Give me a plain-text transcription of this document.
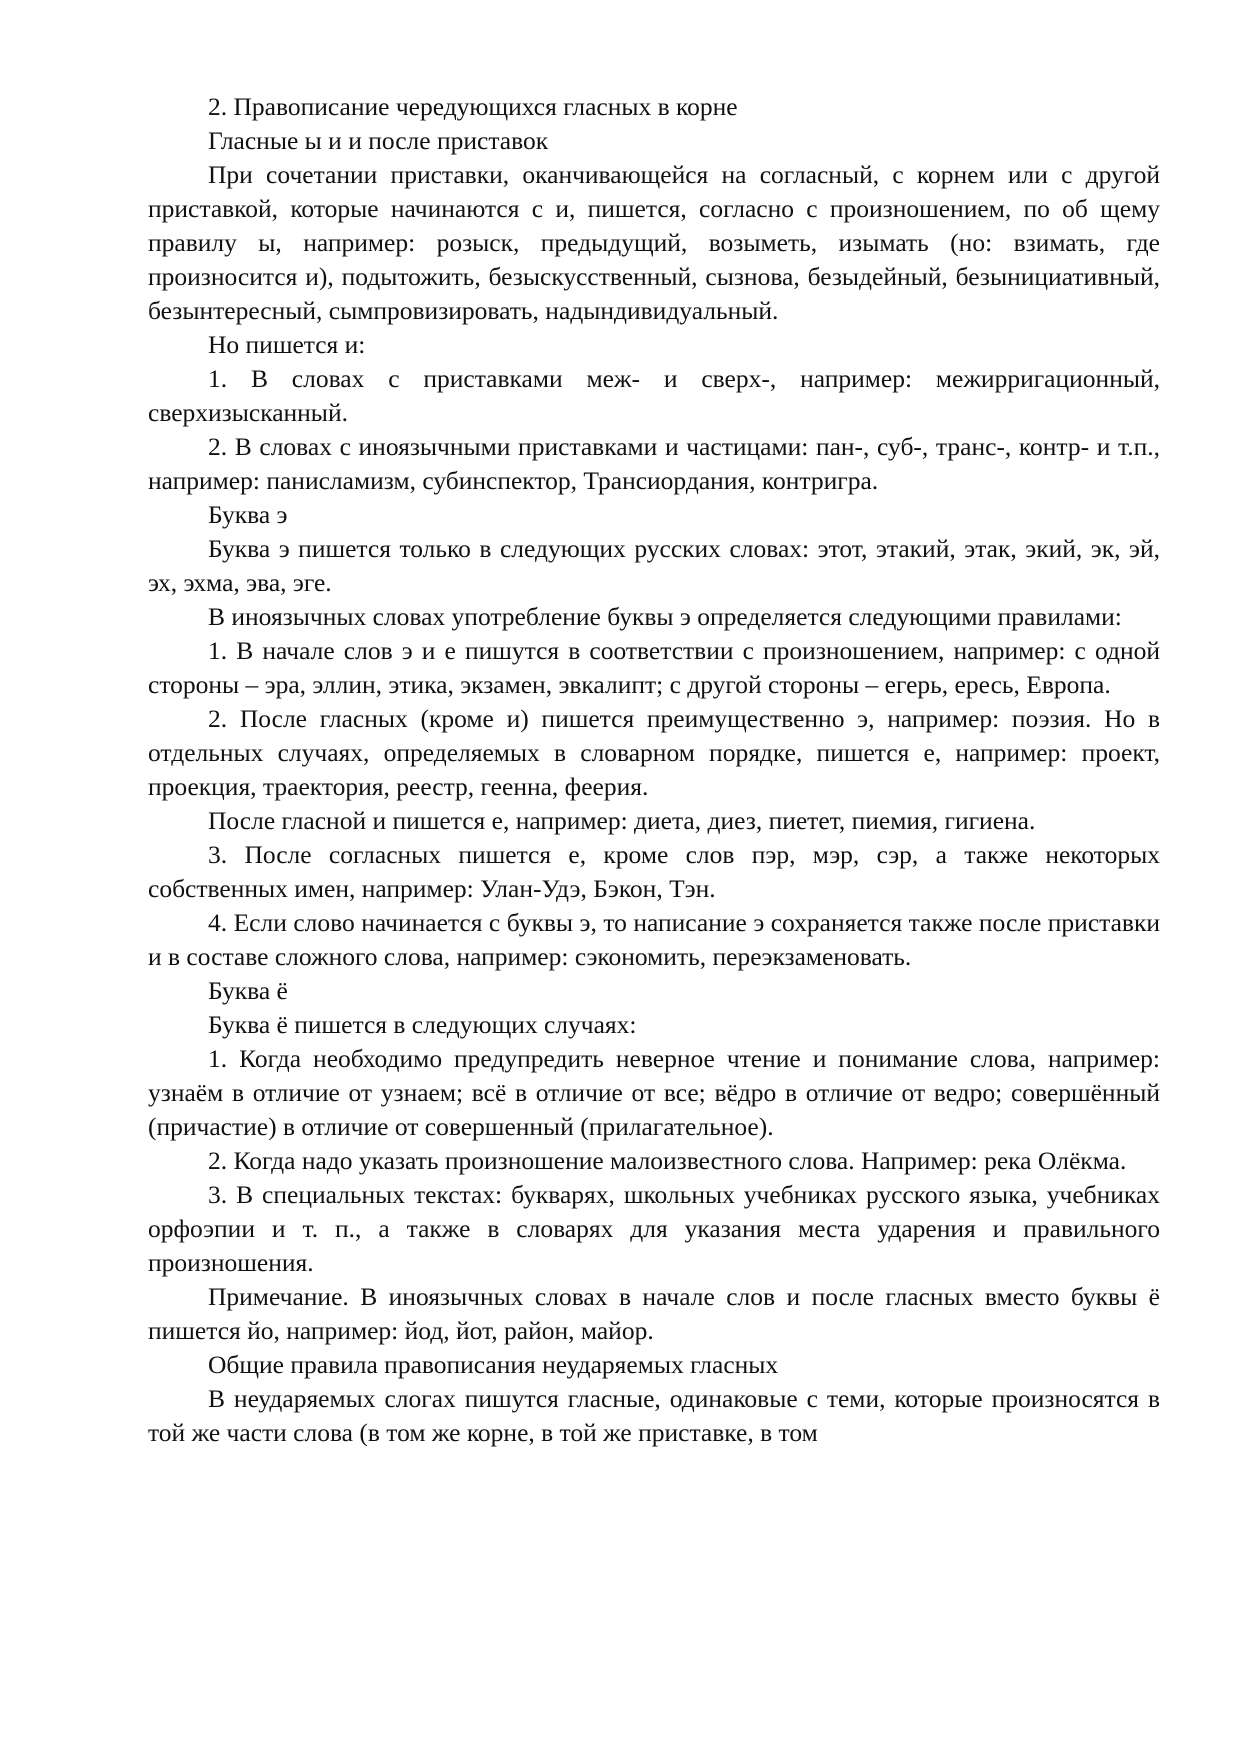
2. Правописание чередующихся гласных в корне

Гласные ы и и после приставок

При сочетании приставки, оканчивающейся на согласный, с корнем или с другой приставкой, которые начинаются с и, пишется, согласно с произношением, по об щему правилу ы, например: розыск, предыдущий, возыметь, изымать (но: взимать, где произносится и), подытожить, безыскусственный, сызнова, безыдейный, безынициативный, безынтересный, сымпровизировать, надындивидуальный.

Но пишется и:

1. В словах с приставками меж- и сверх-, например: межирригационный, сверхизысканный.

2. В словах с иноязычными приставками и частицами: пан-, суб-, транс-, контр- и т.п., например: панисламизм, субинспектор, Трансиордания, контригра.

Буква э

Буква э пишется только в следующих русских словах: этот, этакий, этак, экий, эк, эй, эх, эхма, эва, эге.

В иноязычных словах употребление буквы э определяется следующими правилами:

1. В начале слов э и е пишутся в соответствии с произношением, например: с одной стороны – эра, эллин, этика, экзамен, эвкалипт; с другой стороны – егерь, ересь, Европа.

2. После гласных (кроме и) пишется преимущественно э, например: поэзия. Но в отдельных случаях, определяемых в словарном порядке, пишется е, например: проект, проекция, траектория, реестр, геенна, феерия.

После гласной и пишется е, например: диета, диез, пиетет, пиемия, гигиена.

3. После согласных пишется е, кроме слов пэр, мэр, сэр, а также некоторых собственных имен, например: Улан-Удэ, Бэкон, Тэн.

4. Если слово начинается с буквы э, то написание э сохраняется также после приставки и в составе сложного слова, например: сэкономить, переэкзаменовать.

Буква ё

Буква ё пишется в следующих случаях:

1. Когда необходимо предупредить неверное чтение и понимание слова, например: узнаём в отличие от узнаем; всё в отличие от все; вёдро в отличие от ведро; совершённый (причастие) в отличие от совершенный (прилагательное).

2. Когда надо указать произношение малоизвестного слова. Например: река Олёкма.

3. В специальных текстах: букварях, школьных учебниках русского языка, учебниках орфоэпии и т. п., а также в словарях для указания места ударения и правильного произношения.

Примечание. В иноязычных словах в начале слов и после гласных вместо буквы ё пишется йо, например: йод, йот, район, майор.

Общие правила правописания неударяемых гласных

В неударяемых слогах пишутся гласные, одинаковые с теми, которые произносятся в той же части слова (в том же корне, в той же приставке, в том
